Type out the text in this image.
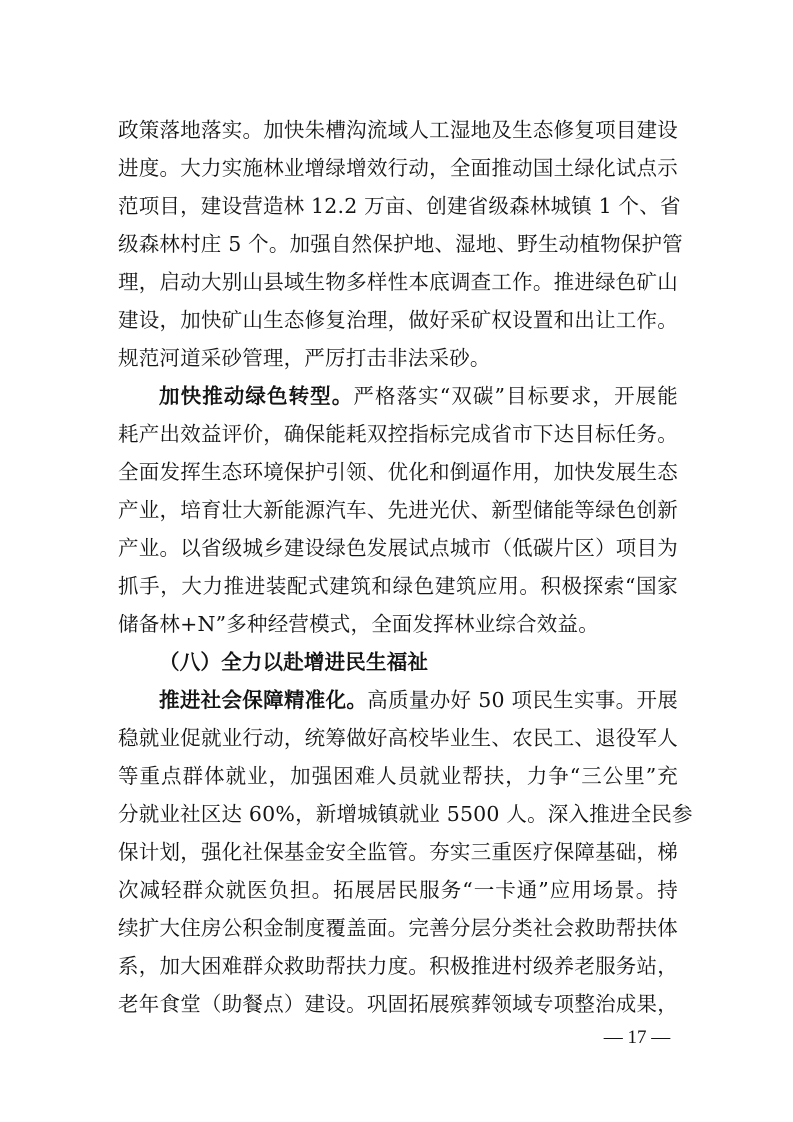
政策落地落实。加快朱槽沟流域人工湿地及生态修复项目建设
进度。大力实施林业增绿增效行动，全面推动国土绿化试点示
范项目，建设营造林 12.2 万亩、创建省级森林城镇 1 个、省
级森林村庄 5 个。加强自然保护地、湿地、野生动植物保护管
理，启动大别山县域生物多样性本底调查工作。推进绿色矿山
建设，加快矿山生态修复治理，做好采矿权设置和出让工作。
规范河道采砂管理，严厉打击非法采砂。
加快推动绿色转型。严格落实“双碳”目标要求，开展能
耗产出效益评价，确保能耗双控指标完成省市下达目标任务。
全面发挥生态环境保护引领、优化和倒逼作用，加快发展生态
产业，培育壮大新能源汽车、先进光伏、新型储能等绿色创新
产业。以省级城乡建设绿色发展试点城市（低碳片区）项目为
抓手，大力推进装配式建筑和绿色建筑应用。积极探索“国家
储备林+N”多种经营模式，全面发挥林业综合效益。
（八）全力以赴增进民生福祉
推进社会保障精准化。高质量办好 50 项民生实事。开展
稳就业促就业行动，统筹做好高校毕业生、农民工、退役军人
等重点群体就业，加强困难人员就业帮扶，力争“三公里”充
分就业社区达 60%，新增城镇就业 5500 人。深入推进全民参
保计划，强化社保基金安全监管。夯实三重医疗保障基础，梯
次减轻群众就医负担。拓展居民服务“一卡通”应用场景。持
续扩大住房公积金制度覆盖面。完善分层分类社会救助帮扶体
系，加大困难群众救助帮扶力度。积极推进村级养老服务站，
老年食堂（助餐点）建设。巩固拓展殡葬领域专项整治成果，
— 17 —
